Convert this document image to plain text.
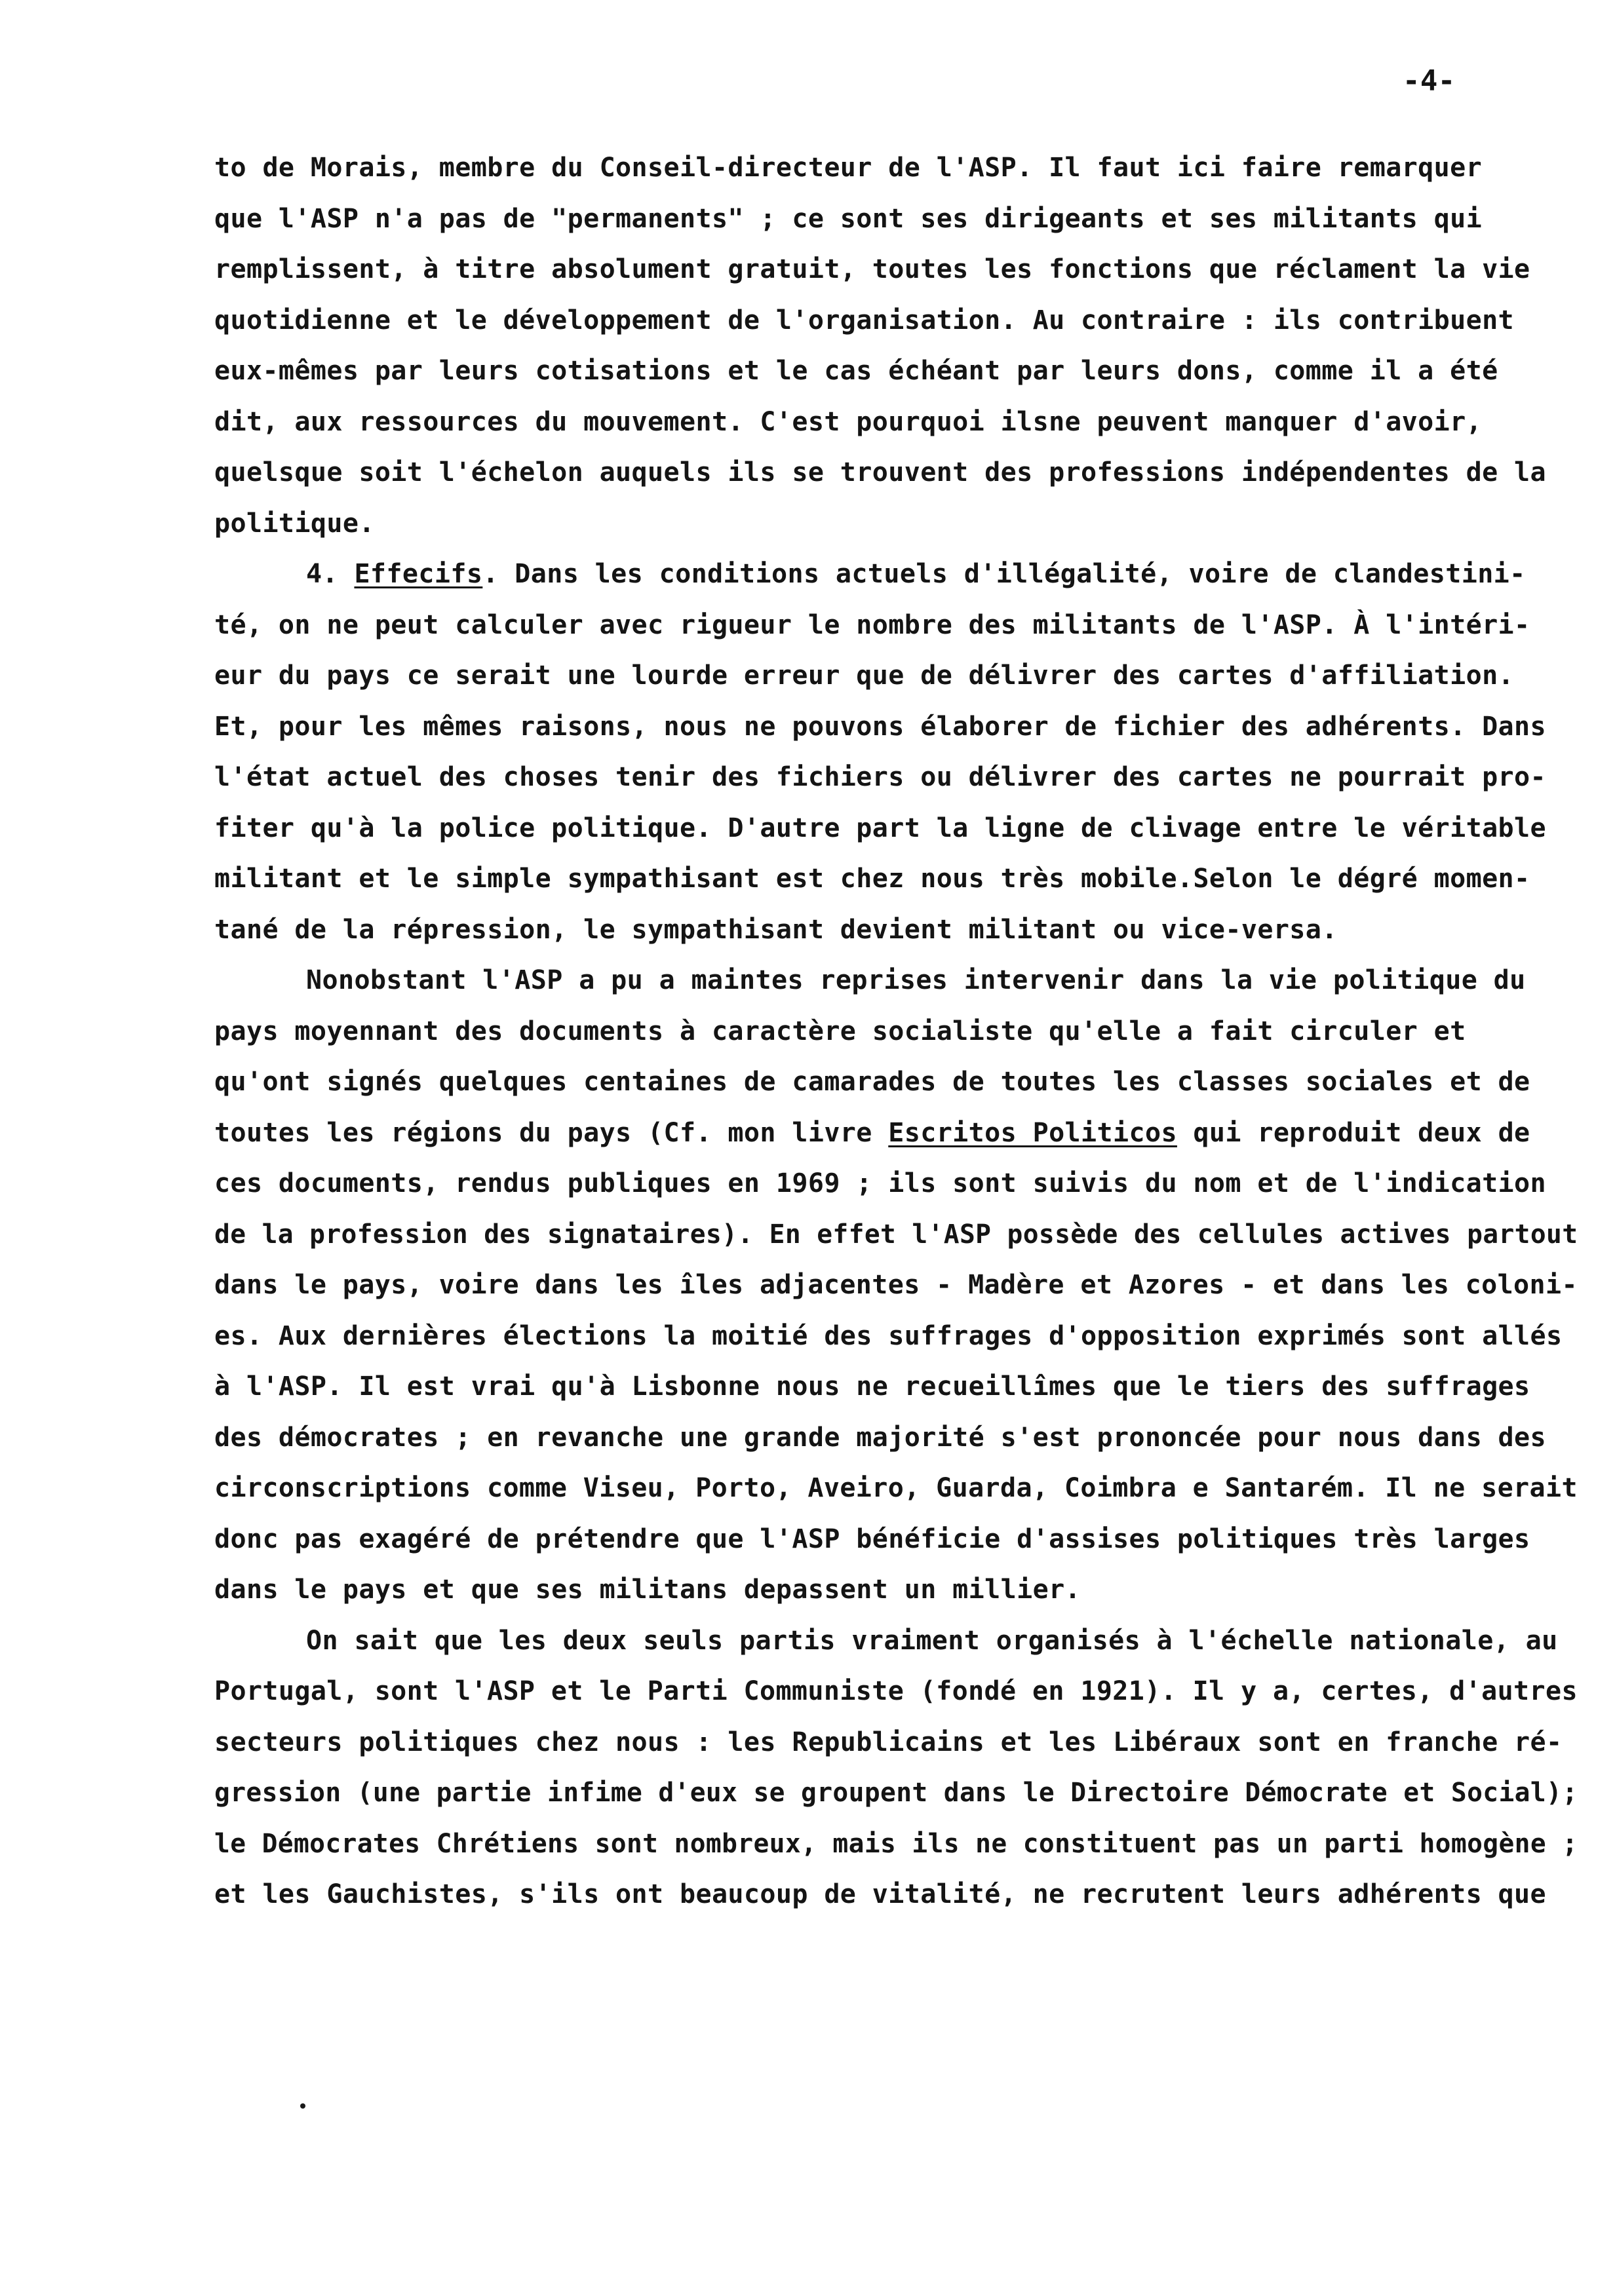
-4-
to de Morais, membre du Conseil-directeur de l'ASP. Il faut ici faire remarquer
que l'ASP n'a pas de "permanents" ; ce sont ses dirigeants et ses militants qui
remplissent, à titre absolument gratuit, toutes les fonctions que réclament la vie
quotidienne et le développement de l'organisation. Au contraire : ils contribuent
eux-mêmes par leurs cotisations et le cas échéant par leurs dons, comme il a été
dit, aux ressources du mouvement. C'est pourquoi ilsne peuvent manquer d'avoir,
quelsque soit l'échelon auquels ils se trouvent des professions indépendentes de la
politique.
4. Effecifs. Dans les conditions actuels d'illégalité, voire de clandestini-
té, on ne peut calculer avec rigueur le nombre des militants de l'ASP. À l'intéri-
eur du pays ce serait une lourde erreur que de délivrer des cartes d'affiliation.
Et, pour les mêmes raisons, nous ne pouvons élaborer de fichier des adhérents. Dans
l'état actuel des choses tenir des fichiers ou délivrer des cartes ne pourrait pro-
fiter qu'à la police politique. D'autre part la ligne de clivage entre le véritable
militant et le simple sympathisant est chez nous très mobile.Selon le dégré momen-
tané de la répression, le sympathisant devient militant ou vice-versa.
Nonobstant l'ASP a pu a maintes reprises intervenir dans la vie politique du
pays moyennant des documents à caractère socialiste qu'elle a fait circuler et
qu'ont signés quelques centaines de camarades de toutes les classes sociales et de
toutes les régions du pays (Cf. mon livre Escritos Politicos qui reproduit deux de
ces documents, rendus publiques en 1969 ; ils sont suivis du nom et de l'indication
de la profession des signataires). En effet l'ASP possède des cellules actives partout
dans le pays, voire dans les îles adjacentes - Madère et Azores - et dans les coloni-
es. Aux dernières élections la moitié des suffrages d'opposition exprimés sont allés
à l'ASP. Il est vrai qu'à Lisbonne nous ne recueillîmes que le tiers des suffrages
des démocrates ; en revanche une grande majorité s'est prononcée pour nous dans des
circonscriptions comme Viseu, Porto, Aveiro, Guarda, Coimbra e Santarém. Il ne serait
donc pas exagéré de prétendre que l'ASP bénéficie d'assises politiques très larges
dans le pays et que ses militans depassent un millier.
On sait que les deux seuls partis vraiment organisés à l'échelle nationale, au
Portugal, sont l'ASP et le Parti Communiste (fondé en 1921). Il y a, certes, d'autres
secteurs politiques chez nous : les Republicains et les Libéraux sont en franche ré-
gression (une partie infime d'eux se groupent dans le Directoire Démocrate et Social);
le Démocrates Chrétiens sont nombreux, mais ils ne constituent pas un parti homogène ;
et les Gauchistes, s'ils ont beaucoup de vitalité, ne recrutent leurs adhérents que
